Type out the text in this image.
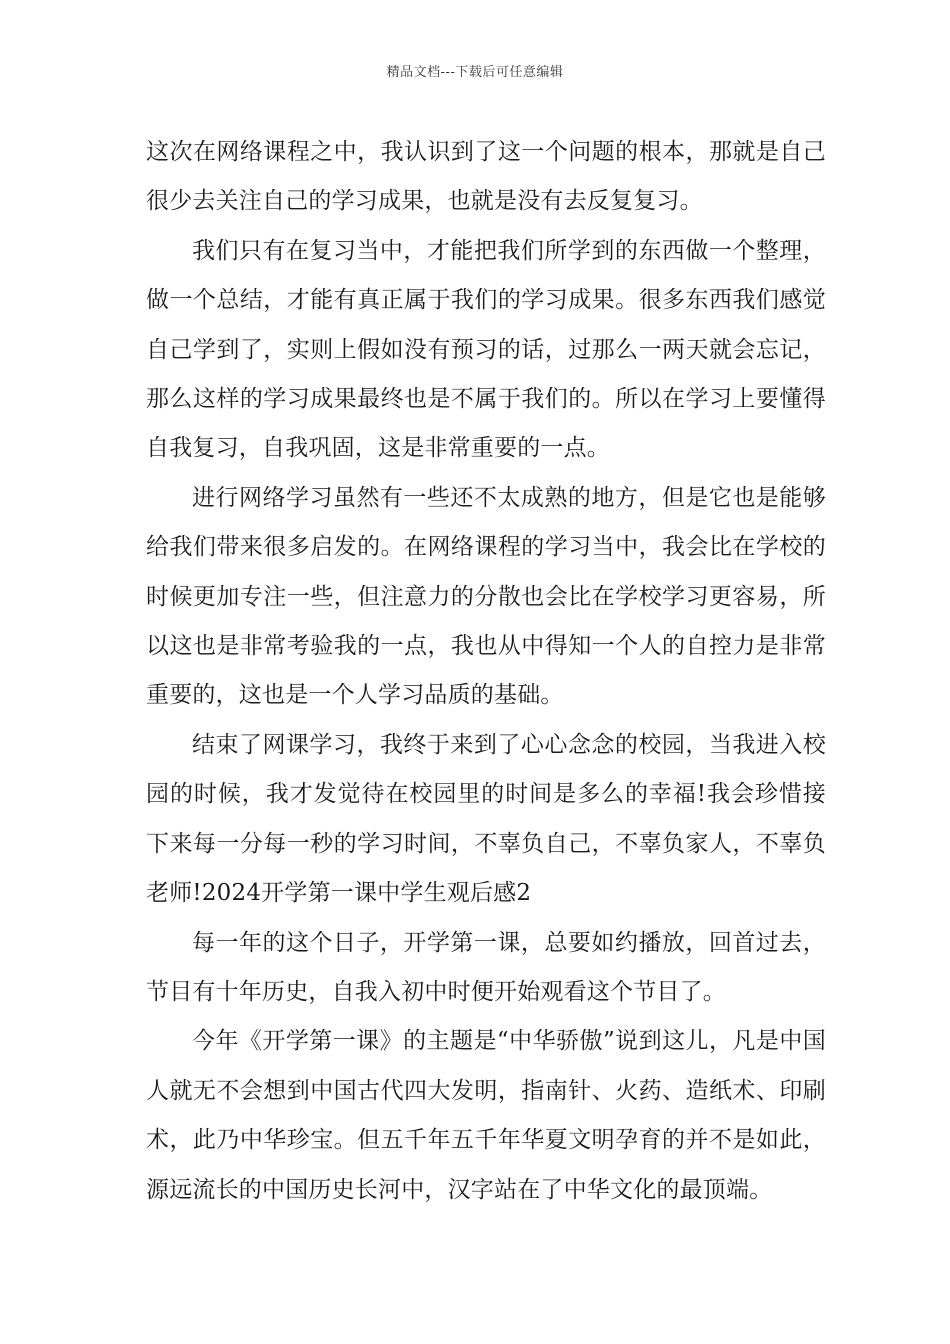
精品文档---下载后可任意编辑

这次在网络课程之中，我认识到了这一个问题的根本，那就是自己很少去关注自己的学习成果，也就是没有去反复复习。

我们只有在复习当中，才能把我们所学到的东西做一个整理，做一个总结，才能有真正属于我们的学习成果。很多东西我们感觉自己学到了，实则上假如没有预习的话，过那么一两天就会忘记，那么这样的学习成果最终也是不属于我们的。所以在学习上要懂得自我复习，自我巩固，这是非常重要的一点。

进行网络学习虽然有一些还不太成熟的地方，但是它也是能够给我们带来很多启发的。在网络课程的学习当中，我会比在学校的时候更加专注一些，但注意力的分散也会比在学校学习更容易，所以这也是非常考验我的一点，我也从中得知一个人的自控力是非常重要的，这也是一个人学习品质的基础。

结束了网课学习，我终于来到了心心念念的校园，当我进入校园的时候，我才发觉待在校园里的时间是多么的幸福!我会珍惜接下来每一分每一秒的学习时间，不辜负自己，不辜负家人，不辜负老师!2024开学第一课中学生观后感2

每一年的这个日子，开学第一课，总要如约播放，回首过去，节目有十年历史，自我入初中时便开始观看这个节目了。

今年《开学第一课》的主题是“中华骄傲”说到这儿，凡是中国人就无不会想到中国古代四大发明，指南针、火药、造纸术、印刷术，此乃中华珍宝。但五千年五千年华夏文明孕育的并不是如此，源远流长的中国历史长河中，汉字站在了中华文化的最顶端。
